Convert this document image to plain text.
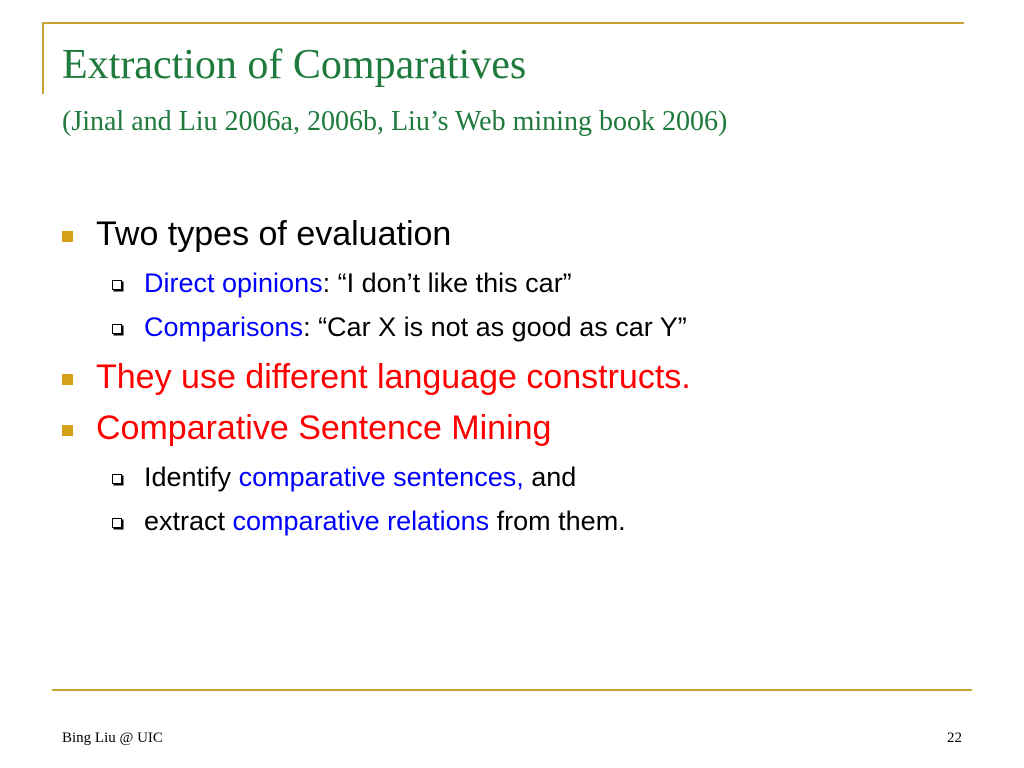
Extraction of Comparatives
(Jinal and Liu 2006a, 2006b, Liu’s Web mining book 2006)
Two types of evaluation
Direct opinions: “I don’t like this car”
Comparisons: “Car X is not as good as car Y”
They use different language constructs.
Comparative Sentence Mining
Identify comparative sentences, and
extract comparative relations from them.
Bing Liu @ UIC	22
